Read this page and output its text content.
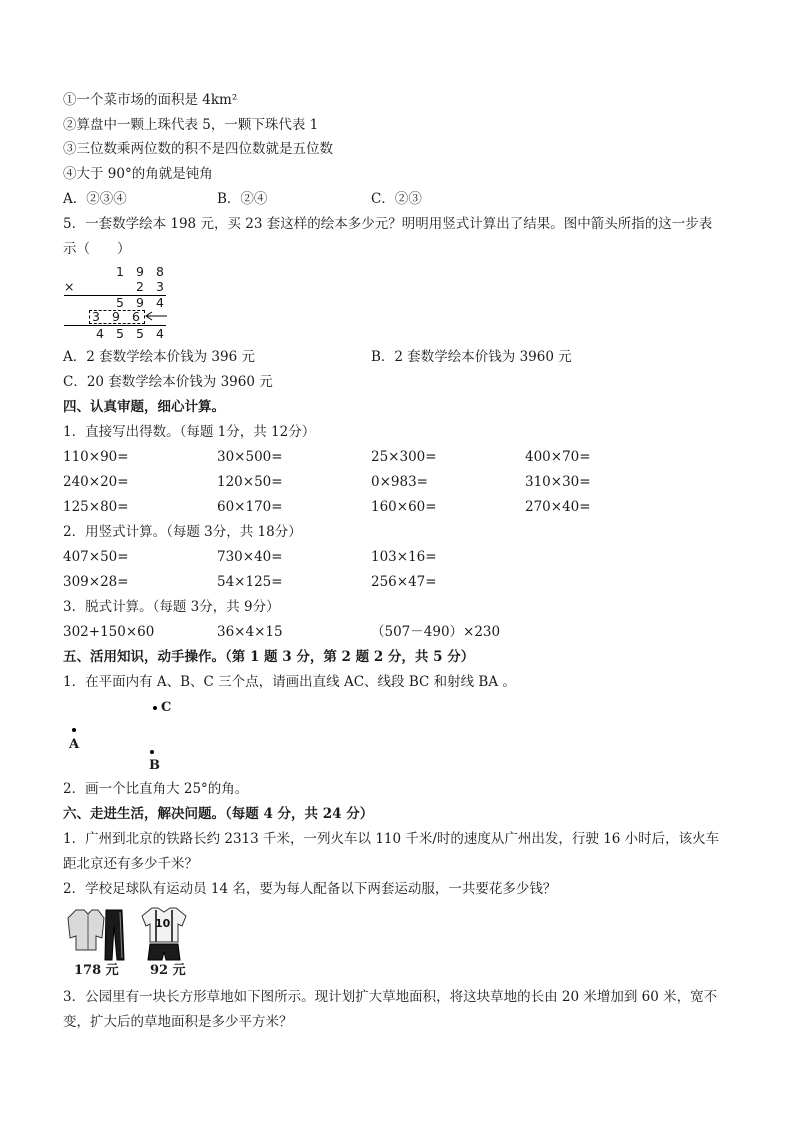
①一个菜市场的面积是 4km²
②算盘中一颗上珠代表 5，一颗下珠代表 1
③三位数乘两位数的积不是四位数就是五位数
④大于 90°的角就是钝角
A．②③④	B．②④	C．②③
5．一套数学绘本 198 元，买 23 套这样的绘本多少元？明明用竖式计算出了结果。图中箭头所指的这一步表
示（　　）
1 9 8
×	2 3
5 9 4
3 9 6
4 5 5 4
A．2 套数学绘本价钱为 396 元	B．2 套数学绘本价钱为 3960 元
C．20 套数学绘本价钱为 3960 元
四、认真审题，细心计算。
1．直接写出得数。（每题 1分，共 12分）
110×90=	30×500=	25×300=	400×70=
240×20=	120×50=	0×983=	310×30=
125×80=	60×170=	160×60=	270×40=
2．用竖式计算。（每题 3分，共 18分）
407×50=	730×40=	103×16=
309×28=	54×125=	256×47=
3．脱式计算。（每题 3分，共 9分）
302+150×60	36×4×15	（507－490）×230
五、活用知识，动手操作。（第 1 题 3 分，第 2 题 2 分，共 5 分）
1．在平面内有 A、B、C 三个点，请画出直线 AC、线段 BC 和射线 BA 。
C
A
B
2．画一个比直角大 25°的角。
六、走进生活，解决问题。（每题 4 分，共 24 分）
1．广州到北京的铁路长约 2313 千米，一列火车以 110 千米/时的速度从广州出发，行驶 16 小时后，该火车
距北京还有多少千米？
2．学校足球队有运动员 14 名，要为每人配备以下两套运动服，一共要花多少钱？
178 元
10
92 元
3．公园里有一块长方形草地如下图所示。现计划扩大草地面积，将这块草地的长由 20 米增加到 60 米，宽不
变，扩大后的草地面积是多少平方米？
